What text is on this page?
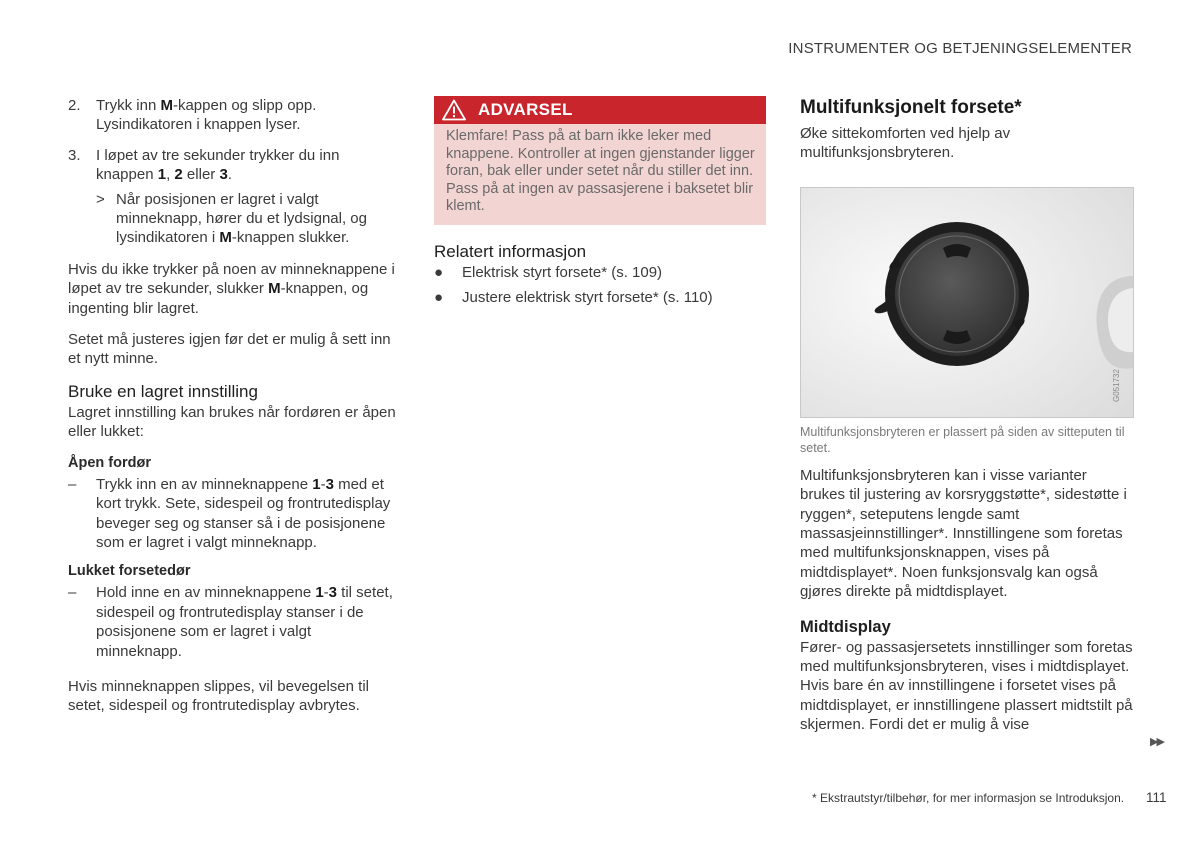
INSTRUMENTER OG BETJENINGSELEMENTER
2.	Trykk inn M-kappen og slipp opp. Lysindikatoren i knappen lyser.
3.	I løpet av tre sekunder trykker du inn knappen 1, 2 eller 3.
> Når posisjonen er lagret i valgt minneknapp, hører du et lydsignal, og lysindikatoren i M-knappen slukker.

Hvis du ikke trykker på noen av minneknappene i løpet av tre sekunder, slukker M-knappen, og ingenting blir lagret.

Setet må justeres igjen før det er mulig å sett inn et nytt minne.

Bruke en lagret innstilling

Lagret innstilling kan brukes når fordøren er åpen eller lukket:

Åpen fordør
–	Trykk inn en av minneknappene 1-3 med et kort trykk. Sete, sidespeil og frontrutedisplay beveger seg og stanser så i de posisjonene som er lagret i valgt minneknapp.
Lukket forsetedør
–	Hold inne en av minneknappene 1-3 til setet, sidespeil og frontrutedisplay stanser i de posisjonene som er lagret i valgt minneknapp.

Hvis minneknappen slippes, vil bevegelsen til setet, sidespeil og frontrutedisplay avbrytes.

ADVARSEL
Klemfare! Pass på at barn ikke leker med knappene. Kontroller at ingen gjenstander ligger foran, bak eller under setet når du stiller det inn. Pass på at ingen av passasjerene i baksetet blir klemt.
Relatert informasjon
●	Elektrisk styrt forsete* (s. 109)
●	Justere elektrisk styrt forsete* (s. 110)
Multifunksjonelt forsete*

Øke sittekomforten ved hjelp av multifunksjonsbryteren.

G051732
Multifunksjonsbryteren er plassert på siden av sitteputen til setet.

Multifunksjonsbryteren kan i visse varianter brukes til justering av korsryggstøtte*, sidestøtte i ryggen*, seteputens lengde samt massasjeinnstillinger*. Innstillingene som foretas med multifunksjonsknappen, vises på midtdisplayet*. Noen funksjonsvalg kan også gjøres direkte på midtdisplayet.

Midtdisplay

Fører- og passasjersetets innstillinger som foretas med multifunksjonsbryteren, vises i midtdisplayet. Hvis bare én av innstillingene i forsetet vises på midtdisplayet, er innstillingene plassert midtstilt på skjermen. Fordi det er mulig å vise

▶▶
* Ekstrautstyr/tilbehør, for mer informasjon se Introduksjon. 111
